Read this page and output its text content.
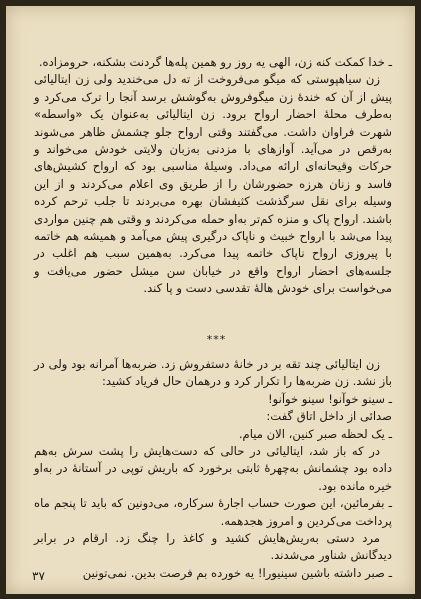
ـ خدا کمکت کنه زن، الهی یه روز رو همین پله‌ها گردنت بشکنه، حرومزاده.

زن سیاهپوستی که میگو می‌فروخت از ته دل می‌خندید ولی زن ایتالیائی پیش از آن که خندهٔ زن میگوفروش به‌گوشش برسد آنجا را ترک می‌کرد و به‌طرف محلهٔ احضار ارواح برود. زن ایتالیائی به‌عنوان یک «واسطه» شهرت فراوان داشت. می‌گفتند وقتی ارواح جلو چشمش ظاهر می‌شوند به‌رقص در می‌آید. آوازهای با مزدنی به‌زبان ولایتی خودش می‌خواند و حرکات وقیحانه‌ای ارائه می‌داد. وسیلهٔ مناسبی بود که ارواح کشیش‌های فاسد و زنان هرزه حضورشان را از طریق وی اعلام می‌کردند و از این وسیله برای نقل سرگذشت کثیفشان بهره می‌بردند تا جلب ترحم کرده باشند. ارواح پاک و منزه کم‌تر به‌او حمله می‌کردند و وقتی هم چنین مواردی پیدا می‌شد با ارواح خبیث و ناپاک درگیری پیش می‌آمد و همیشه هم خاتمه با پیروزی ارواح ناپاک خاتمه پیدا می‌کرد. به‌همین سبب هم اغلب در جلسه‌های احضار ارواح واقع در خیابان سن میشل حضور می‌یافت و می‌خواست برای خودش هالهٔ تقدسی دست و پا کند.

***

زن ایتالیائی چند تقه بر در خانهٔ دستفروش زد. ضربه‌ها آمرانه بود ولی در باز نشد. زن ضربه‌ها را تکرار کرد و درهمان حال فریاد کشید:

ـ سینو خوآنو! سینو خوآنو!

صدائی از داخل اتاق گفت:

ـ یک لحظه صبر کنین، الان میام.

در که باز شد، ایتالیائی در حالی که دست‌هایش را پشت سرش به‌هم داده بود چشمانش به‌چهرهٔ ثابتی برخورد که باریش توپی در آستانهٔ در به‌او خیره مانده بود.

ـ بفرمائین، این صورت حساب اجارهٔ سرکاره، می‌دونین که باید تا پنجم ماه پرداخت می‌کردین و امروز هجدهمه.

مرد دستی به‌ریش‌هایش کشید و کاغذ را چنگ زد. ارقام در برابر دیدگانش شناور می‌شدند.

ـ صبر داشته باشین سینیورا! یه خورده بم فرصت بدین. نمی‌تونین

۳۷
